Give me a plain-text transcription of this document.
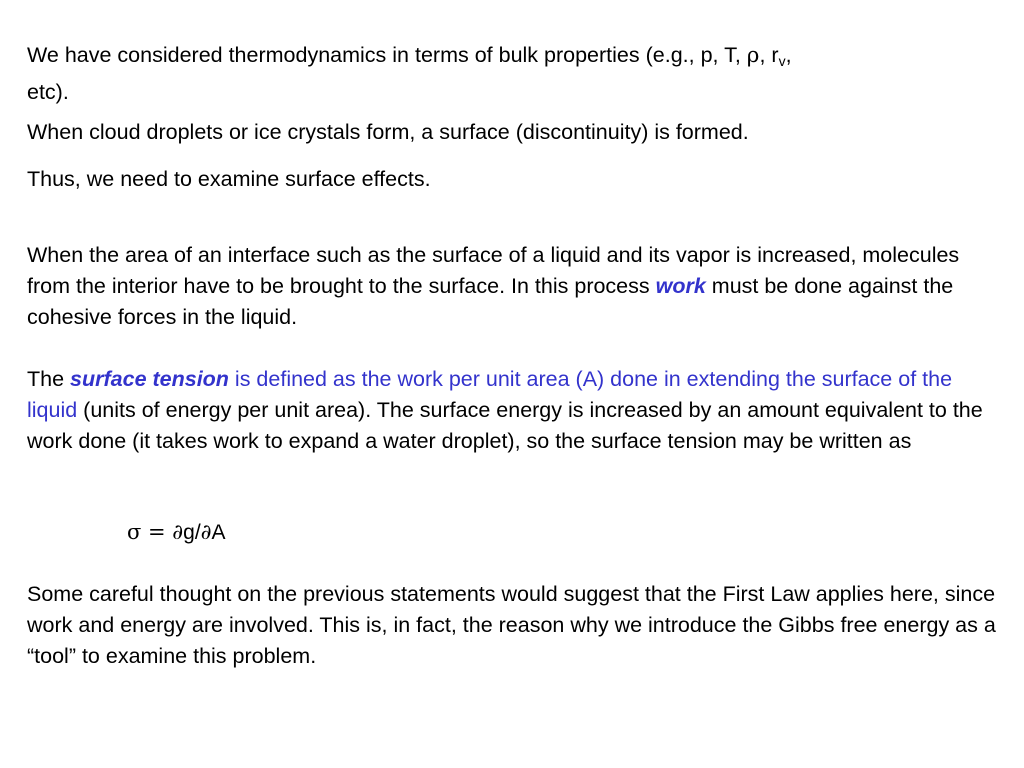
We have considered thermodynamics in terms of bulk properties (e.g., p, T, ρ, $r_v$,
etc).

When cloud droplets or ice crystals form, a surface (discontinuity) is formed.

Thus, we need to examine surface effects.

When the area of an interface such as the surface of a liquid and its vapor is increased, molecules from the interior have to be brought to the surface. In this process work must be done against the cohesive forces in the liquid.

The surface tension is defined as the work per unit area (A) done in extending the surface of the liquid (units of energy per unit area). The surface energy is increased by an amount equivalent to the work done (it takes work to expand a water droplet), so the surface tension may be written as

σ = ∂g/∂A

Some careful thought on the previous statements would suggest that the First Law applies here, since work and energy are involved. This is, in fact, the reason why we introduce the Gibbs free energy as a “tool” to examine this problem.
